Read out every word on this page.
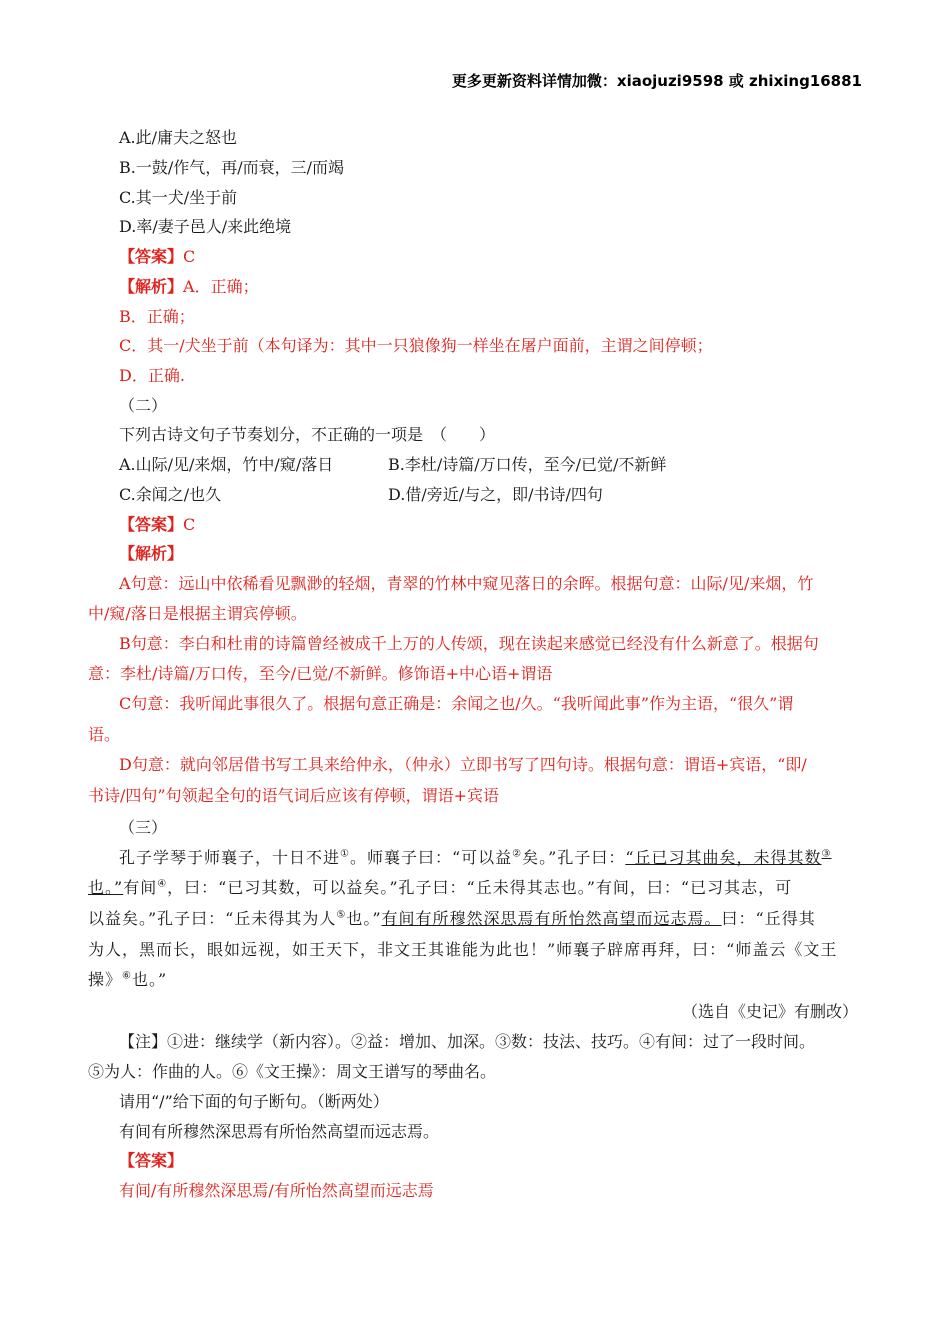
更多更新资料详情加微：xiaojuzi9598 或 zhixing16881
A.此/庸夫之怒也
B.一鼓/作气，再/而衰，三/而竭
C.其一犬/坐于前
D.率/妻子邑人/来此绝境
【答案】C
【解析】A．正确；
B．正确；
C．其一/犬坐于前（本句译为：其中一只狼像狗一样坐在屠户面前，主谓之间停顿；
D．正确.
（二）
下列古诗文句子节奏划分，不正确的一项是　（　　）
A.山际/见/来烟，竹中/窥/落日	B.李杜/诗篇/万口传，至今/已觉/不新鲜
C.余闻之/也久	D.借/旁近/与之，即/书诗/四句
【答案】C
【解析】
A句意：远山中依稀看见飘渺的轻烟，青翠的竹林中窥见落日的余晖。根据句意：山际/见/来烟，竹
中/窥/落日是根据主谓宾停顿。
B句意：李白和杜甫的诗篇曾经被成千上万的人传颂，现在读起来感觉已经没有什么新意了。根据句
意：李杜/诗篇/万口传，至今/已觉/不新鲜。修饰语+中心语+谓语
C句意：我听闻此事很久了。根据句意正确是：余闻之也/久。“我听闻此事”作为主语，“很久”谓
语。
D句意：就向邻居借书写工具来给仲永，（仲永）立即书写了四句诗。根据句意：谓语+宾语，“即/
书诗/四句”句领起全句的语气词后应该有停顿，谓语+宾语
（三）
孔子学琴于师襄子，十日不进①。师襄子曰：“可以益②矣。”孔子曰：“丘已习其曲矣，未得其数③
也。”有间④，曰：“已习其数，可以益矣。”孔子曰：“丘未得其志也。”有间，曰：“已习其志，可
以益矣。”孔子曰：“丘未得其为人⑤也。”有间有所穆然深思焉有所怡然高望而远志焉。曰：“丘得其
为人，黑而长，眼如远视，如王天下，非文王其谁能为此也！”师襄子辟席再拜，曰：“师盖云《文王
操》⑥也。”
（选自《史记》有删改）
【注】①进：继续学（新内容）。②益：增加、加深。③数：技法、技巧。④有间：过了一段时间。
⑤为人：作曲的人。⑥《文王操》：周文王谱写的琴曲名。
请用“/”给下面的句子断句。（断两处）
有间有所穆然深思焉有所怡然高望而远志焉。
【答案】
有间/有所穆然深思焉/有所怡然高望而远志焉
